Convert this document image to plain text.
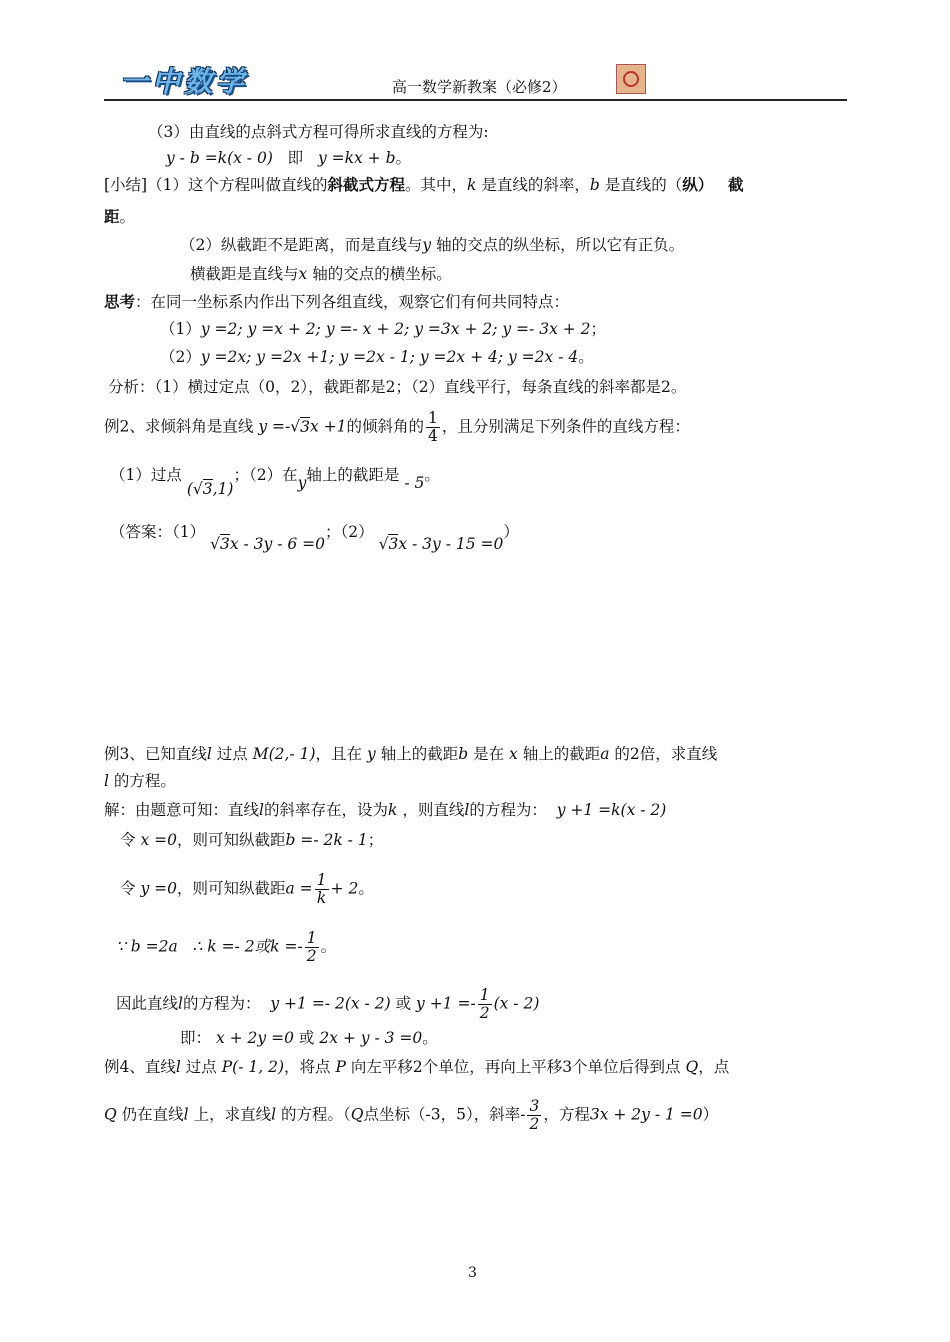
一中数学	高一数学新教案（必修2）
（3）由直线的点斜式方程可得所求直线的方程为:
y - b =k(x - 0) 即 y =kx + b。
[小结]（1）这个方程叫做直线的斜截式方程。其中，k 是直线的斜率，b 是直线的（纵） 截
距。
（2）纵截距不是距离，而是直线与y 轴的交点的纵坐标，所以它有正负。
横截距是直线与x 轴的交点的横坐标。
思考：在同一坐标系内作出下列各组直线，观察它们有何共同特点：
（1）y =2; y =x + 2; y =- x + 2; y =3x + 2; y =- 3x + 2；
（2）y =2x; y =2x +1; y =2x - 1; y =2x + 4; y =2x - 4。
分析：（1）横过定点（0，2），截距都是2；（2）直线平行，每条直线的斜率都是2。
例2、求倾斜角是直线 y =-√3x +1的倾斜角的 $\frac{1}{4}$ ，且分别满足下列条件的直线方程：
（1）过点 (√3,1)；（2）在y轴上的截距是 - 5。
（答案：（1） √3x - 3y - 6 =0；（2） √3x - 3y - 15 =0）
例3、已知直线l 过点 M(2,- 1)，且在 y 轴上的截距b 是在 x 轴上的截距a 的2倍，求直线
l 的方程。
解：由题意可知：直线l的斜率存在，设为k ，则直线l的方程为： y +1 =k(x - 2)
令 x =0，则可知纵截距b =- 2k - 1；
令 y =0，则可知纵截距$a = \frac{1}{k} + 2$。
∵ b =2a ∴ k =- 2或$k =- \frac{1}{2}$ 。
因此直线l的方程为： y +1 =- 2(x - 2) 或 $y +1 =- \frac{1}{2} (x - 2)$
即： x + 2y =0 或 2x + y - 3 =0。
例4、直线l 过点 P(- 1, 2)，将点 P 向左平移2个单位，再向上平移3个单位后得到点 Q，点
Q 仍在直线l 上，求直线l 的方程。（Q点坐标（-3，5），斜率- $\frac{3}{2}$ ，方程3x + 2y - 1 =0）
3
